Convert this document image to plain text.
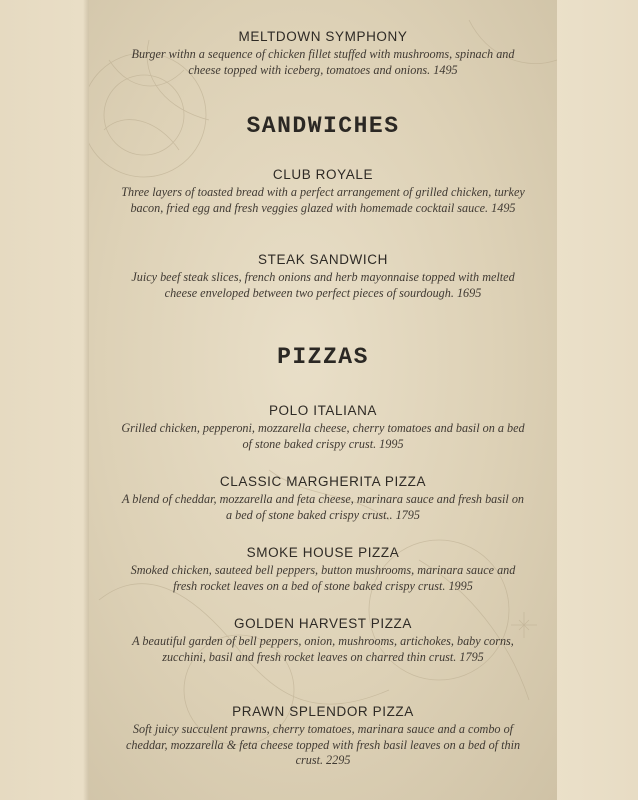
MELTDOWN SYMPHONY

Burger withn a sequence of chicken fillet stuffed with mushrooms, spinach and cheese topped with iceberg, tomatoes and onions. 1495

SANDWICHES

CLUB ROYALE

Three layers of toasted bread with a perfect arrangement of grilled chicken, turkey bacon, fried egg and fresh veggies glazed with homemade cocktail sauce. 1495

STEAK SANDWICH

Juicy beef steak slices, french onions and herb mayonnaise topped with melted cheese enveloped between two perfect pieces of sourdough. 1695

PIZZAS

POLO ITALIANA

Grilled chicken, pepperoni, mozzarella cheese, cherry tomatoes and basil on a bed of stone baked crispy crust. 1995

CLASSIC MARGHERITA PIZZA

A blend of cheddar, mozzarella and feta cheese, marinara sauce and fresh basil on a bed of stone baked crispy crust.. 1795

SMOKE HOUSE PIZZA

Smoked chicken, sauteed bell peppers, button mushrooms, marinara sauce and fresh rocket leaves on a bed of stone baked crispy crust. 1995

GOLDEN HARVEST PIZZA

A beautiful garden of bell peppers, onion, mushrooms, artichokes, baby corns, zucchini, basil and fresh rocket leaves on charred thin crust. 1795

PRAWN SPLENDOR PIZZA

Soft juicy succulent prawns, cherry tomatoes, marinara sauce and a combo of cheddar, mozzarella & feta cheese topped with fresh basil leaves on a bed of thin crust. 2295
